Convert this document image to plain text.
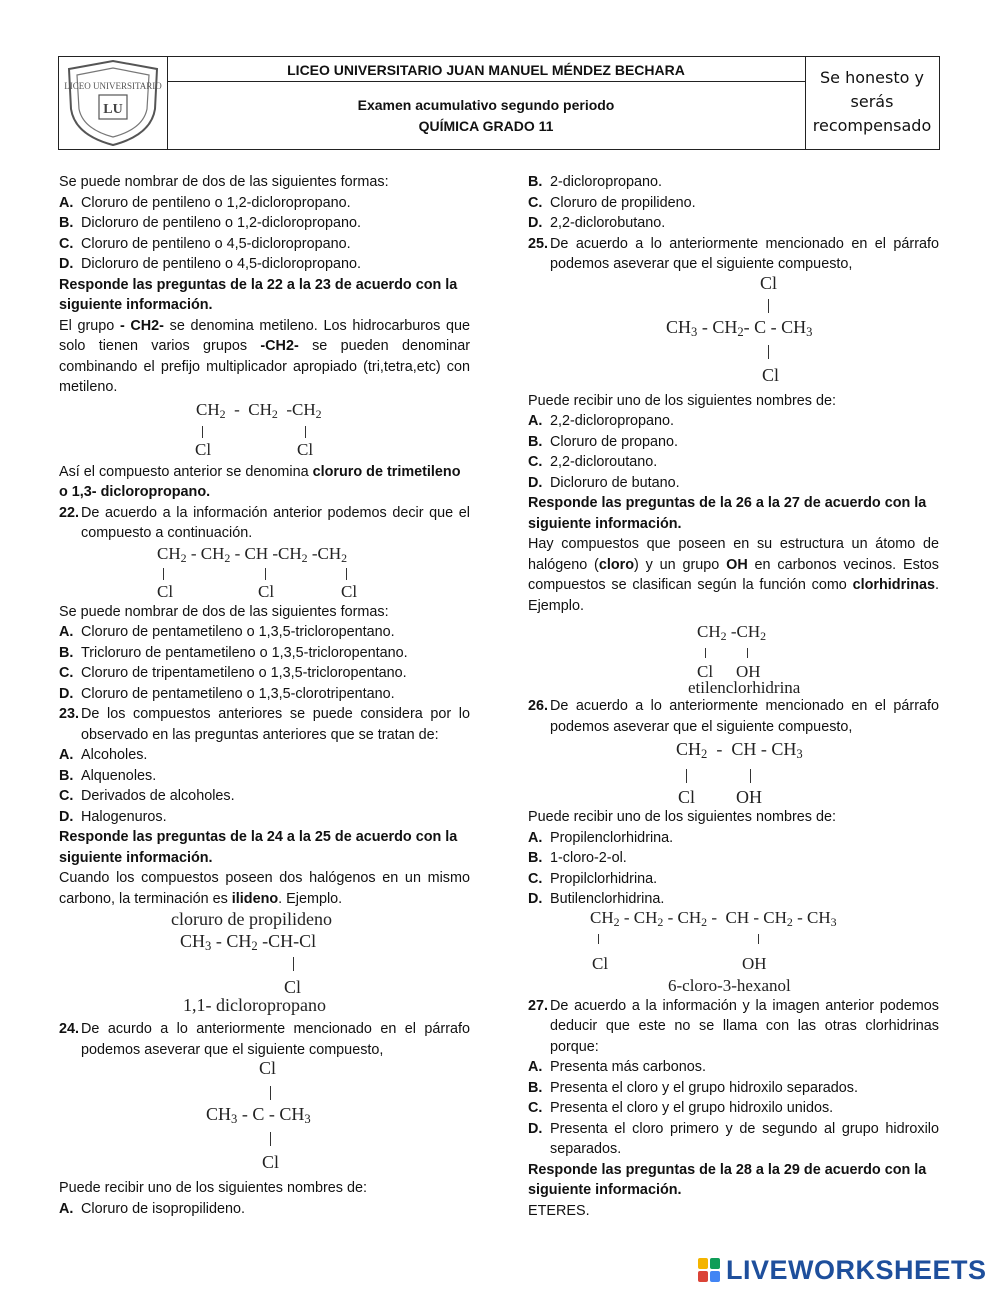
LICEO UNIVERSITARIO
LU
LICEO UNIVERSITARIO JUAN MANUEL MÉNDEZ BECHARA
Examen acumulativo segundo periodo
QUÍMICA GRADO 11
Se honesto y
serás
recompensado
Se puede nombrar de dos de las siguientes formas:
A. Cloruro de pentileno o 1,2-dicloropropano.
B. Dicloruro de pentileno o 1,2-dicloropropano.
C. Cloruro de pentileno o 4,5-dicloropropano.
D. Dicloruro de pentileno o 4,5-dicloropropano.
Responde las preguntas de la 22 a la 23 de acuerdo con la siguiente información.
El grupo - CH2- se denomina metileno. Los hidrocarburos que solo tienen varios grupos -CH2- se pueden denominar combinando el prefijo multiplicador apropiado (tri,tetra,etc) con metileno.
$CH_2 - CH_2$  $-CH_2$
Cl	Cl
Así el compuesto anterior se denomina cloruro de trimetileno o 1,3- dicloropropano.
22. De acuerdo a la información anterior podemos decir que el compuesto a continuación.
$CH_2 - CH_2$ - CH $-CH_2$ $-CH_2$
Cl	Cl	Cl
Se puede nombrar de dos de las siguientes formas:
A. Cloruro de pentametileno o 1,3,5-tricloropentano.
B. Tricloruro de pentametileno o 1,3,5-tricloropentano.
C. Cloruro de tripentametileno o 1,3,5-tricloropentano.
D. Cloruro de pentametileno o 1,3,5-clorotripentano.
23. De los compuestos anteriores se puede considera por lo observado en las preguntas anteriores que se tratan de:
A. Alcoholes.
B. Alquenoles.
C. Derivados de alcoholes.
D. Halogenuros.
Responde las preguntas de la 24 a la 25 de acuerdo con la siguiente información.
Cuando los compuestos poseen dos halógenos en un mismo carbono, la terminación es ilideno. Ejemplo.
cloruro de propilideno
$CH_3 - CH_2$ -CH-Cl
Cl
1,1- dicloropropano
24. De acurdo a lo anteriormente mencionado en el párrafo podemos aseverar que el siguiente compuesto,
Cl
$CH_3$ - C - $CH_3$
Cl
Puede recibir uno de los siguientes nombres de:
A. Cloruro de isopropilideno.
B. 2-dicloropropano.
C. Cloruro de propilideno.
D. 2,2-diclorobutano.
25. De acuerdo a lo anteriormente mencionado en el párrafo podemos aseverar que el siguiente compuesto,
Cl
$CH_3 - CH_2-$ C - $CH_3$
Cl
Puede recibir uno de los siguientes nombres de:
A. 2,2-dicloropropano.
B. Cloruro de propano.
C. 2,2-dicloroutano.
D. Dicloruro de butano.
Responde las preguntas de la 26 a la 27 de acuerdo con la siguiente información.
Hay compuestos que poseen en su estructura un átomo de halógeno (cloro) y un grupo OH en carbonos vecinos. Estos compuestos se clasifican según la función como clorhidrinas. Ejemplo.
$CH_2$ $-CH_2$
Cl OH
etilenclorhidrina
26. De acuerdo a lo anteriormente mencionado en el párrafo podemos aseverar que el siguiente compuesto,
$CH_2$  -  CH - $CH_3$
Cl OH
Puede recibir uno de los siguientes nombres de:
A. Propilenclorhidrina.
B. 1-cloro-2-ol.
C. Propilclorhidrina.
D. Butilenclorhidrina.
$CH_2 - CH_2 - CH_2$ -  CH - $CH_2 - CH_3$
Cl	OH
6-cloro-3-hexanol
27. De acuerdo a la información y la imagen anterior podemos deducir que este no se llama con las otras clorhidrinas porque:
A. Presenta más carbonos.
B. Presenta el cloro y el grupo hidroxilo separados.
C. Presenta el cloro y el grupo hidroxilo unidos.
D. Presenta el cloro primero y de segundo al grupo hidroxilo separados.
Responde las preguntas de la 28 a la 29 de acuerdo con la siguiente información.
ETERES.
LIVEWORKSHEETS
